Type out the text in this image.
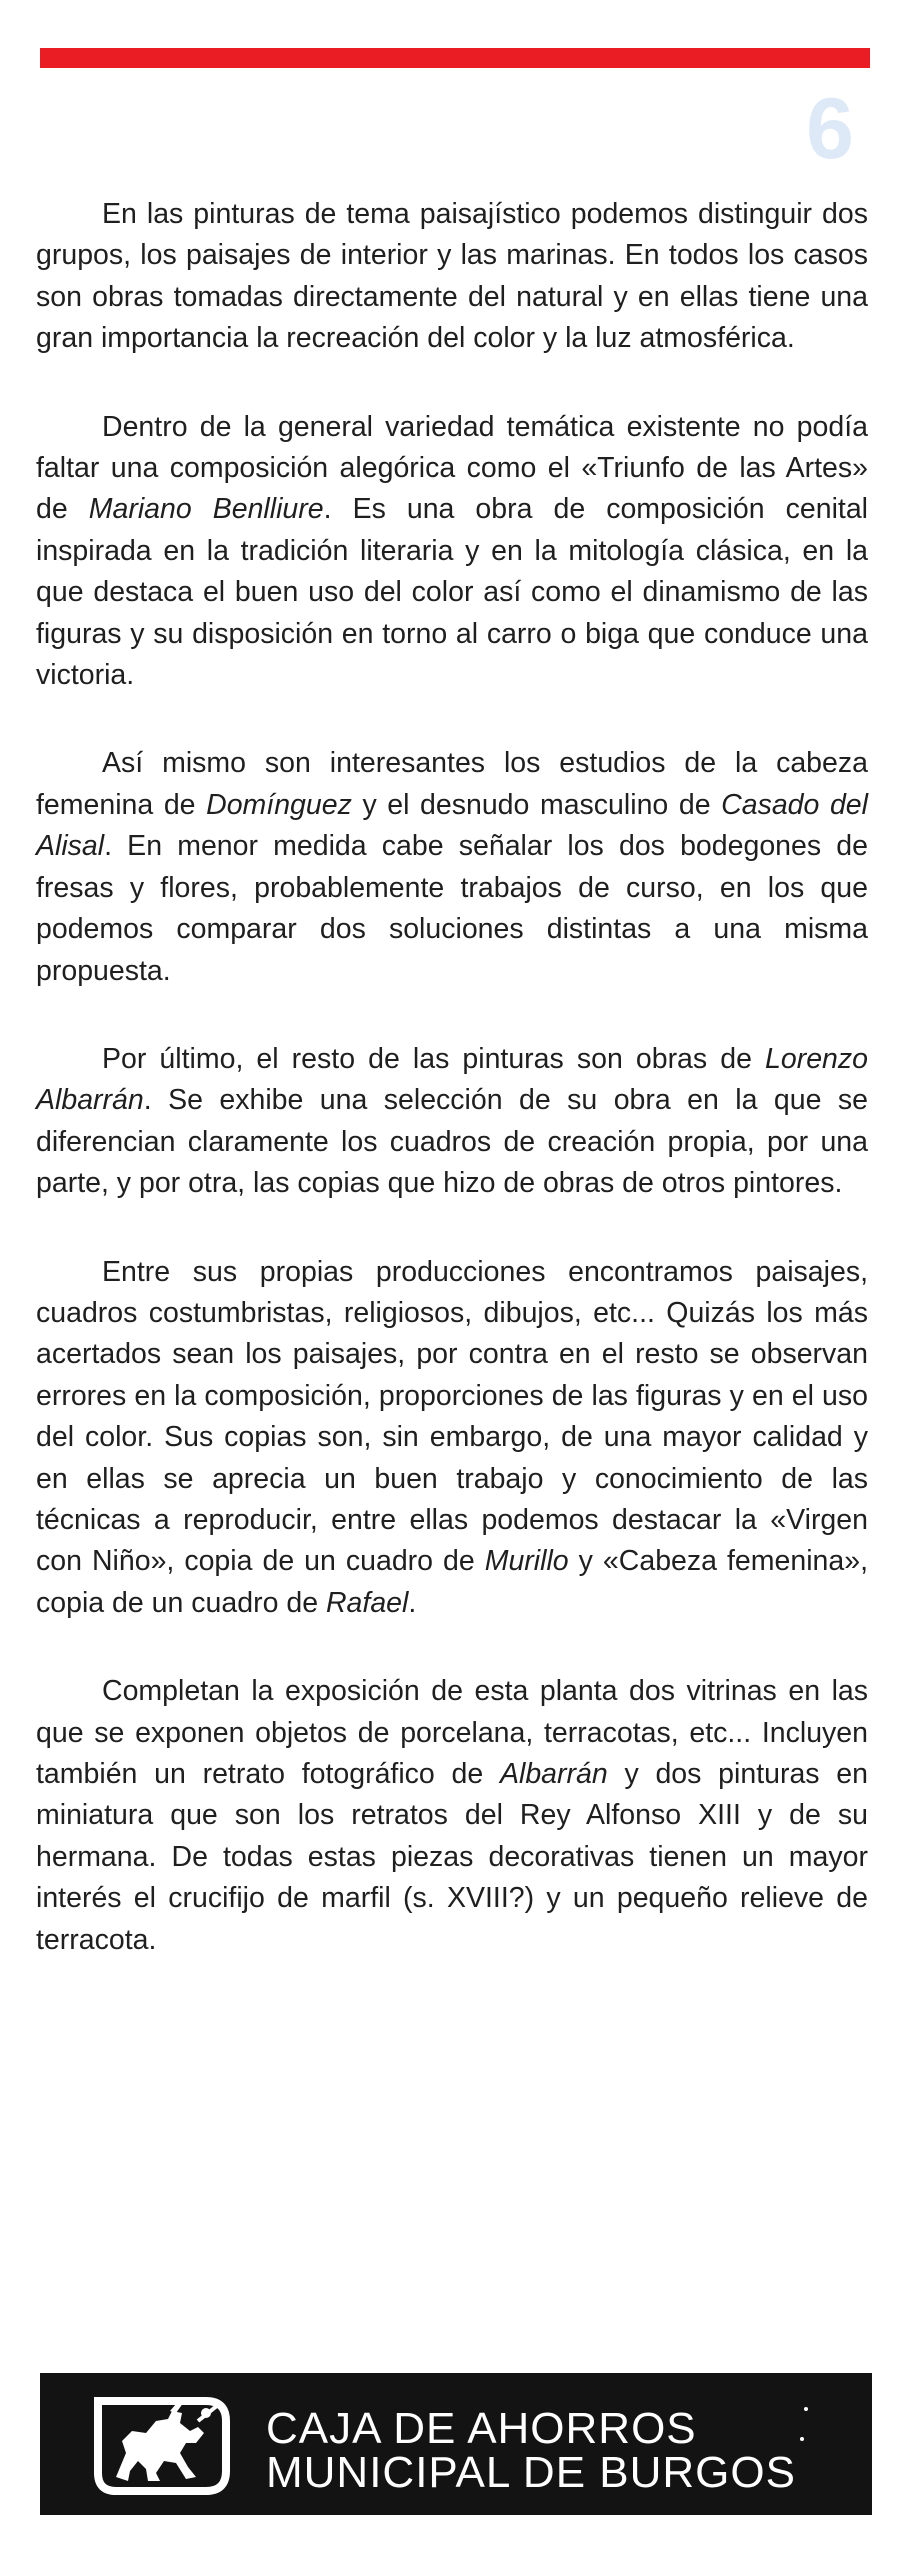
6

En las pinturas de tema paisajístico podemos distinguir dos grupos, los paisajes de interior y las marinas. En todos los casos son obras tomadas directamente del natural y en ellas tiene una gran importancia la recreación del color y la luz atmosférica.

Dentro de la general variedad temática existente no podía faltar una composición alegórica como el «Triunfo de las Artes» de Mariano Benlliure. Es una obra de composición cenital inspirada en la tradición literaria y en la mitología clásica, en la que destaca el buen uso del color así como el dinamismo de las figuras y su disposición en torno al carro o biga que conduce una victoria.

Así mismo son interesantes los estudios de la cabeza femenina de Domínguez y el desnudo masculino de Casado del Alisal. En menor medida cabe señalar los dos bodegones de fresas y flores, probablemente trabajos de curso, en los que podemos comparar dos soluciones distintas a una misma propuesta.

Por último, el resto de las pinturas son obras de Lorenzo Albarrán. Se exhibe una selección de su obra en la que se diferencian claramente los cuadros de creación propia, por una parte, y por otra, las copias que hizo de obras de otros pintores.

Entre sus propias producciones encontramos paisajes, cuadros costumbristas, religiosos, dibujos, etc... Quizás los más acertados sean los paisajes, por contra en el resto se observan errores en la composición, proporciones de las figuras y en el uso del color. Sus copias son, sin embargo, de una mayor calidad y en ellas se aprecia un buen trabajo y conocimiento de las técnicas a reproducir, entre ellas podemos destacar la «Virgen con Niño», copia de un cuadro de Murillo y «Cabeza femenina», copia de un cuadro de Rafael.

Completan la exposición de esta planta dos vitrinas en las que se exponen objetos de porcelana, terracotas, etc... Incluyen también un retrato fotográfico de Albarrán y dos pinturas en miniatura que son los retratos del Rey Alfonso XIII y de su hermana. De todas estas piezas decorativas tienen un mayor interés el crucifijo de marfil (s. XVIII?) y un pequeño relieve de terracota.

CAJA DE AHORROS
MUNICIPAL DE BURGOS
